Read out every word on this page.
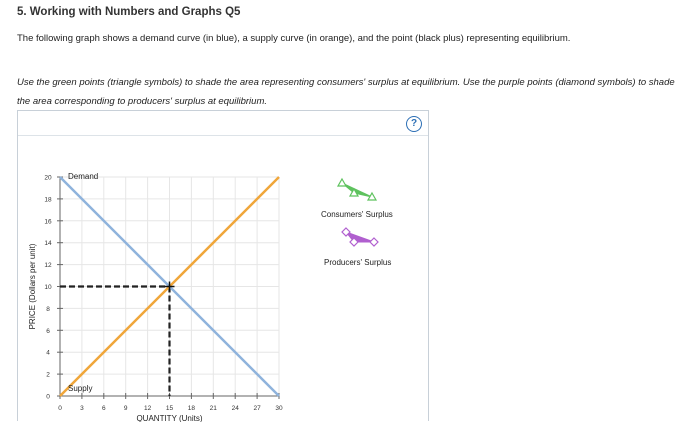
5. Working with Numbers and Graphs Q5
The following graph shows a demand curve (in blue), a supply curve (in orange), and the point (black plus) representing equilibrium.
Use the green points (triangle symbols) to shade the area representing consumers' surplus at equilibrium. Use the purple points (diamond symbols) to shade the area corresponding to producers' surplus at equilibrium.
?
0	3	6	9	12 15 18 21 24 27 30
0
2
4
6
8
10
12
14
16
18
20 Demand
Supply
QUANTITY (Units)
PRICE (Dollars per unit)
Consumers' Surplus
Producers' Surplus
